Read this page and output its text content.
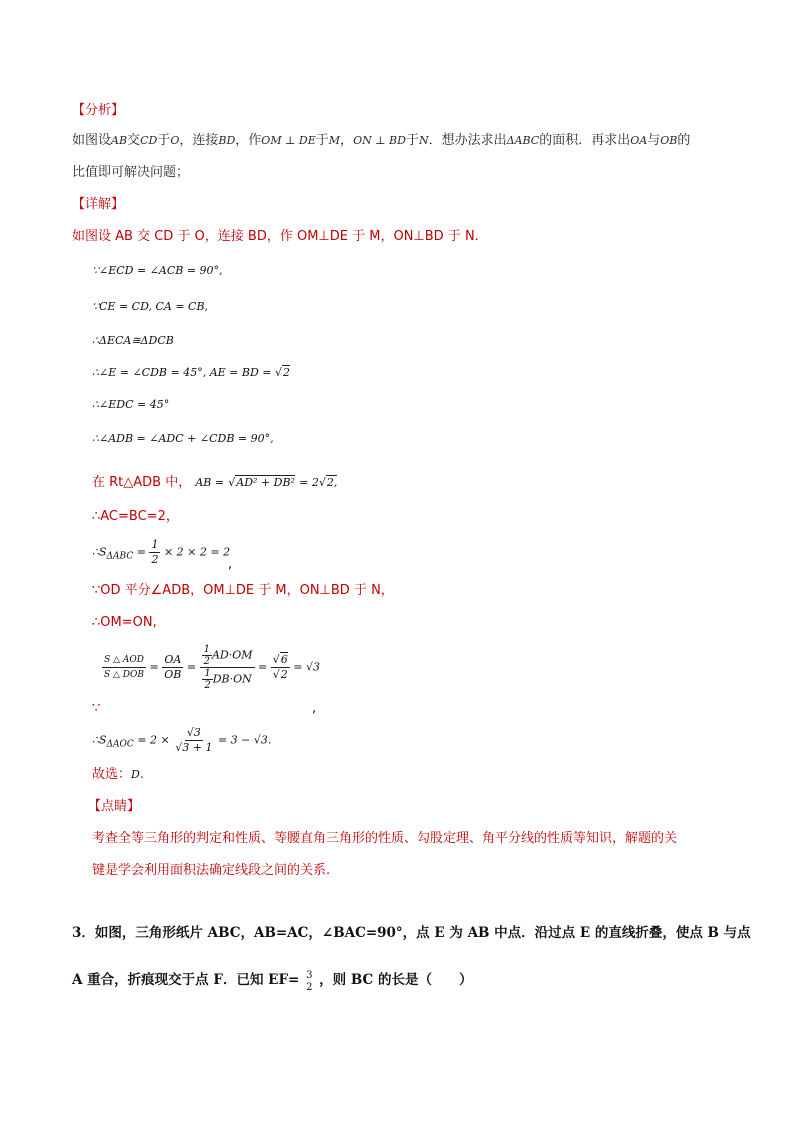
【分析】
如图设AB交CD于O，连接BD，作OM ⊥ DE于M，ON ⊥ BD于N．想办法求出ΔABC的面积．再求出OA与OB的
比值即可解决问题；
【详解】
如图设 AB 交 CD 于 O，连接 BD，作 OM⊥DE 于 M，ON⊥BD 于 N．
∵∠ECD = ∠ACB = 90°,
∵CE = CD, CA = CB,
∴ΔECA≅ΔDCB
∴∠E = ∠CDB = 45°, AE = BD = √2
∴∠EDC = 45°
∴∠ADB = ∠ADC + ∠CDB = 90°,
在 Rt△ADB 中， AB = √AD² + DB² = 2√2,
∴AC=BC=2，
$\therefore S_{\Delta ABC} = \frac{1}{2} \times 2 \times 2 = 2$
,
∵OD 平分∠ADB，OM⊥DE 于 M，ON⊥BD 于 N，
∴OM=ON,
$\frac{\text{S △ AOD}}{\text{S △ DOB}} = \frac{OA}{OB} = \frac{\frac{1}{2} AD\cdot OM}{\frac{1}{2} DB\cdot ON} = \frac{√6}{√2} = √3$
∵	,
$\therefore S_{\Delta AOC} = 2 \times \frac{√3}{√3 + 1} = 3 - √3$.
故选：D.
【点睛】
考查全等三角形的判定和性质、等腰直角三角形的性质、勾股定理、角平分线的性质等知识，解题的关
键是学会利用面积法确定线段之间的关系.
3．如图，三角形纸片 ABC，AB=AC，∠BAC=90°，点 E 为 AB 中点．沿过点 E 的直线折叠，使点 B 与点
A 重合，折痕现交于点 F．已知 EF= 3
2 ，则 BC 的长是（　　）
